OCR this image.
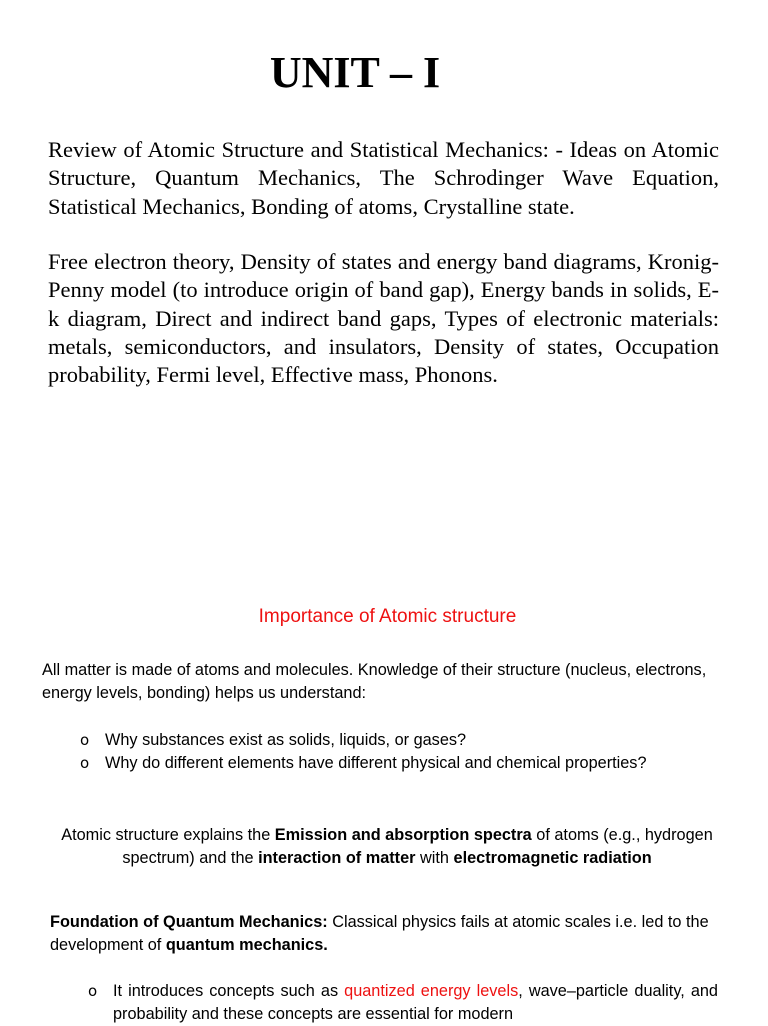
UNIT – I

Review of Atomic Structure and Statistical Mechanics: - Ideas on Atomic Structure, Quantum Mechanics, The Schrodinger Wave Equation, Statistical Mechanics, Bonding of atoms, Crystalline state.

Free electron theory, Density of states and energy band diagrams, Kronig-Penny model (to introduce origin of band gap), Energy bands in solids, E-k diagram, Direct and indirect band gaps, Types of electronic materials: metals, semiconductors, and insulators, Density of states, Occupation probability, Fermi level, Effective mass, Phonons.

Importance of Atomic structure

All matter is made of atoms and molecules. Knowledge of their structure (nucleus, electrons, energy levels, bonding) helps us understand:

o Why substances exist as solids, liquids, or gases?
o Why do different elements have different physical and chemical properties?

Atomic structure explains the Emission and absorption spectra of atoms (e.g., hydrogen spectrum) and the interaction of matter with electromagnetic radiation

Foundation of Quantum Mechanics: Classical physics fails at atomic scales i.e. led to the development of quantum mechanics.

o It introduces concepts such as quantized energy levels, wave–particle duality, and probability and these concepts are essential for modern
